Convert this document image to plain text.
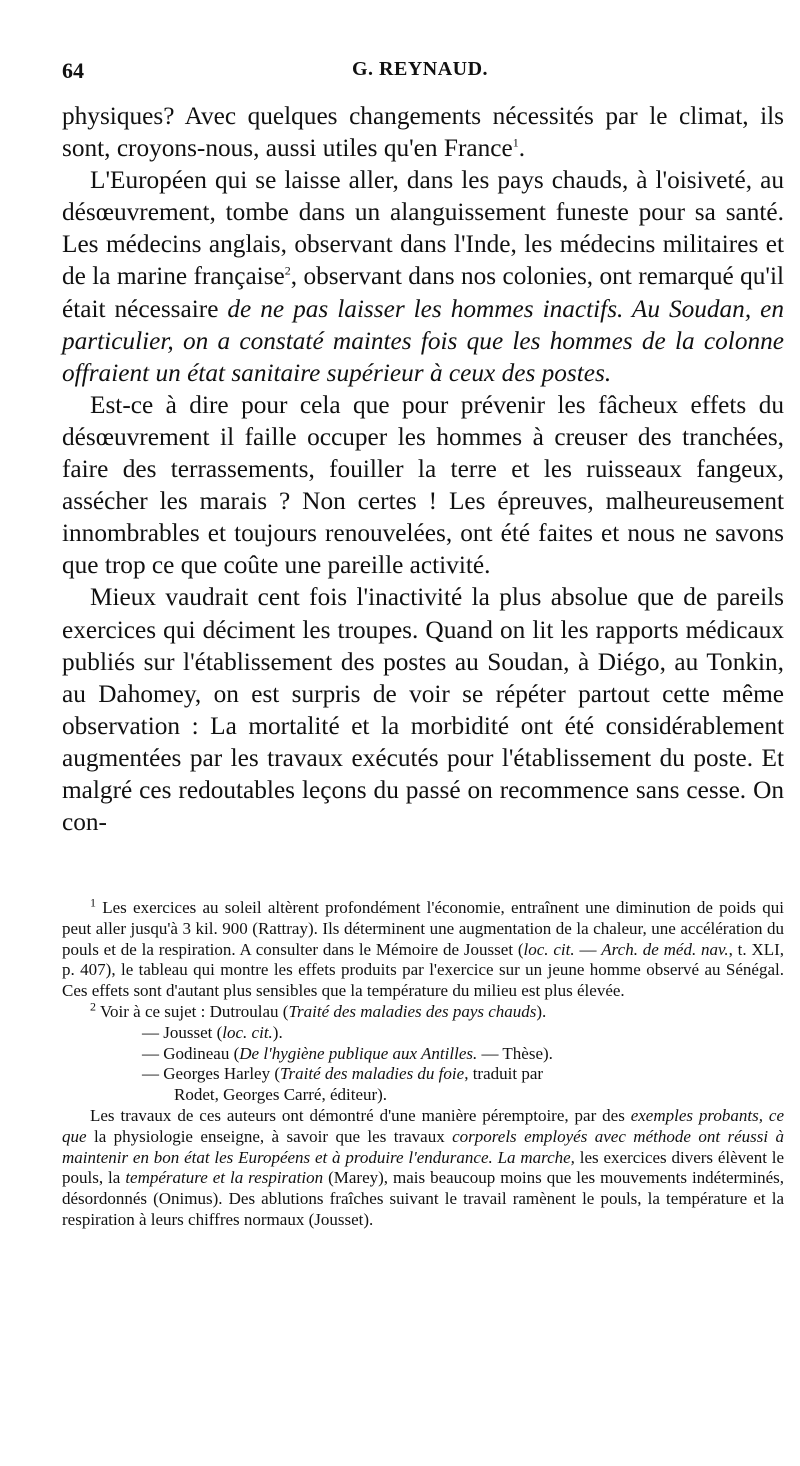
64	G. REYNAUD.

physiques? Avec quelques changements nécessités par le climat, ils sont, croyons-nous, aussi utiles qu'en France$^1$.

L'Européen qui se laisse aller, dans les pays chauds, à l'oisiveté, au désœuvrement, tombe dans un alanguissement funeste pour sa santé. Les médecins anglais, observant dans l'Inde, les médecins militaires et de la marine française$^2$, observant dans nos colonies, ont remarqué qu'il était nécessaire de ne pas laisser les hommes inactifs. Au Soudan, en particulier, on a constaté maintes fois que les hommes de la colonne offraient un état sanitaire supérieur à ceux des postes.

Est-ce à dire pour cela que pour prévenir les fâcheux effets du désœuvrement il faille occuper les hommes à creuser des tranchées, faire des terrassements, fouiller la terre et les ruisseaux fangeux, assécher les marais ? Non certes ! Les épreuves, malheureusement innombrables et toujours renouvelées, ont été faites et nous ne savons que trop ce que coûte une pareille activité.

Mieux vaudrait cent fois l'inactivité la plus absolue que de pareils exercices qui déciment les troupes. Quand on lit les rapports médicaux publiés sur l'établissement des postes au Soudan, à Diégo, au Tonkin, au Dahomey, on est surpris de voir se répéter partout cette même observation : La mortalité et la morbidité ont été considérablement augmentées par les travaux exécutés pour l'établissement du poste. Et malgré ces redoutables leçons du passé on recommence sans cesse. On con-

$^1$ Les exercices au soleil altèrent profondément l'économie, entraînent une diminution de poids qui peut aller jusqu'à 3 kil. 900 (Rattray). Ils déterminent une augmentation de la chaleur, une accélération du pouls et de la respiration. A consulter dans le Mémoire de Jousset (loc. cit. — Arch. de méd. nav., t. XLI, p. 407), le tableau qui montre les effets produits par l'exercice sur un jeune homme observé au Sénégal. Ces effets sont d'autant plus sensibles que la température du milieu est plus élevée.

$^2$ Voir à ce sujet : Dutroulau (Traité des maladies des pays chauds).

— Jousset (loc. cit.).

— Godineau (De l'hygiène publique aux Antilles. — Thèse).

— Georges Harley (Traité des maladies du foie, traduit par

Rodet, Georges Carré, éditeur).

Les travaux de ces auteurs ont démontré d'une manière péremptoire, par des exemples probants, ce que la physiologie enseigne, à savoir que les travaux corporels employés avec méthode ont réussi à maintenir en bon état les Européens et à produire l'endurance. La marche, les exercices divers élèvent le pouls, la température et la respiration (Marey), mais beaucoup moins que les mouvements indéterminés, désordonnés (Onimus). Des ablutions fraîches suivant le travail ramènent le pouls, la température et la respiration à leurs chiffres normaux (Jousset).
